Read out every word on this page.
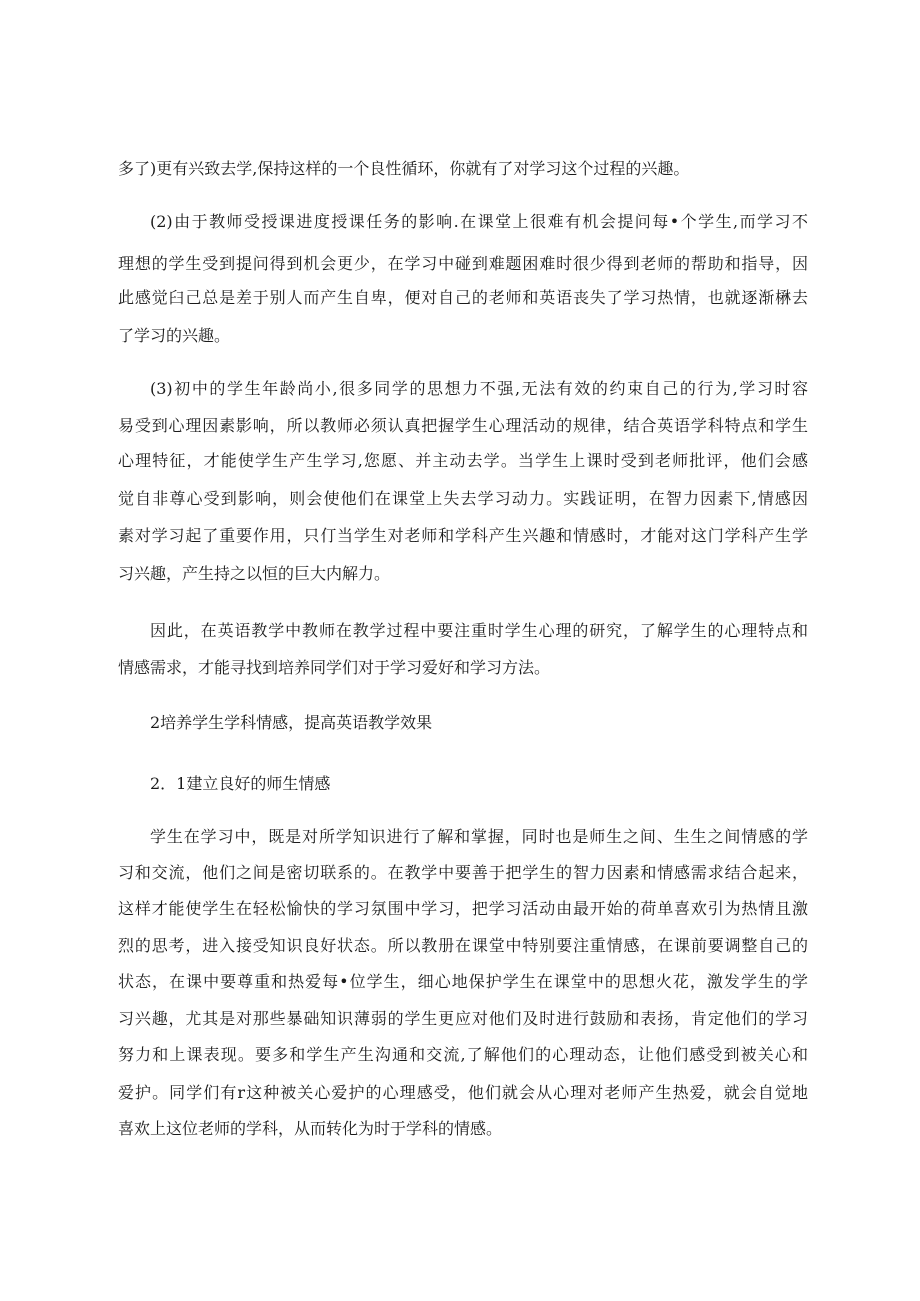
多了)更有兴致去学,保持这样的一个良性循环，你就有了对学习这个过程的兴趣。
(2)由于教师受授课进度授课任务的影响.在课堂上很难有机会提问每•个学生,而学习不
理想的学生受到提问得到机会更少，在学习中碰到难题困难时很少得到老师的帮助和指导，因
此感觉臼己总是差于别人而产生自卑，便对自己的老师和英语丧失了学习热情，也就逐渐楙去
了学习的兴趣。
(3)初中的学生年龄尚小,很多同学的思想力不强,无法有效的约束自己的行为,学习时容
易受到心理因素影响，所以教师必须认真把握学生心理活动的规律，结合英语学科特点和学生
心理特征，才能使学生产生学习,您愿、并主动去学。当学生上课时受到老师批评，他们会感
觉自非尊心受到影响，则会使他们在课堂上失去学习动力。实践证明，在智力因素下,情感因
素对学习起了重要作用，只仃当学生对老师和学科产生兴趣和情感时，才能对这门学科产生学
习兴趣，产生持之以恒的巨大内解力。
因此，在英语教学中教师在教学过程中要注重时学生心理的研究，了解学生的心理特点和
情感需求，才能寻找到培养同学们对于学习爱好和学习方法。
2培养学生学科情感，提高英语教学效果
2．1建立良好的师生情感
学生在学习中，既是对所学知识进行了解和掌握，同时也是师生之间、生生之间情感的学
习和交流，他们之间是密切联系的。在教学中要善于把学生的智力因素和情感需求结合起来，
这样才能使学生在轻松愉快的学习氛围中学习，把学习活动由最开始的荷单喜欢引为热情且激
烈的思考，进入接受知识良好状态。所以教册在课堂中特别要注重情感，在课前要调整自己的
状态，在课中要尊重和热爱每•位学生，细心地保护学生在课堂中的思想火花，激发学生的学
习兴趣，尤其是对那些暴础知识薄弱的学生更应对他们及时进行鼓励和表扬，肯定他们的学习
努力和上课表现。要多和学生产生沟通和交流,了解他们的心理动态，让他们感受到被关心和
爱护。同学们有r这种被关心爱护的心理感受，他们就会从心理对老师产生热爱，就会自觉地
喜欢上这位老师的学科，从而转化为时于学科的情感。
